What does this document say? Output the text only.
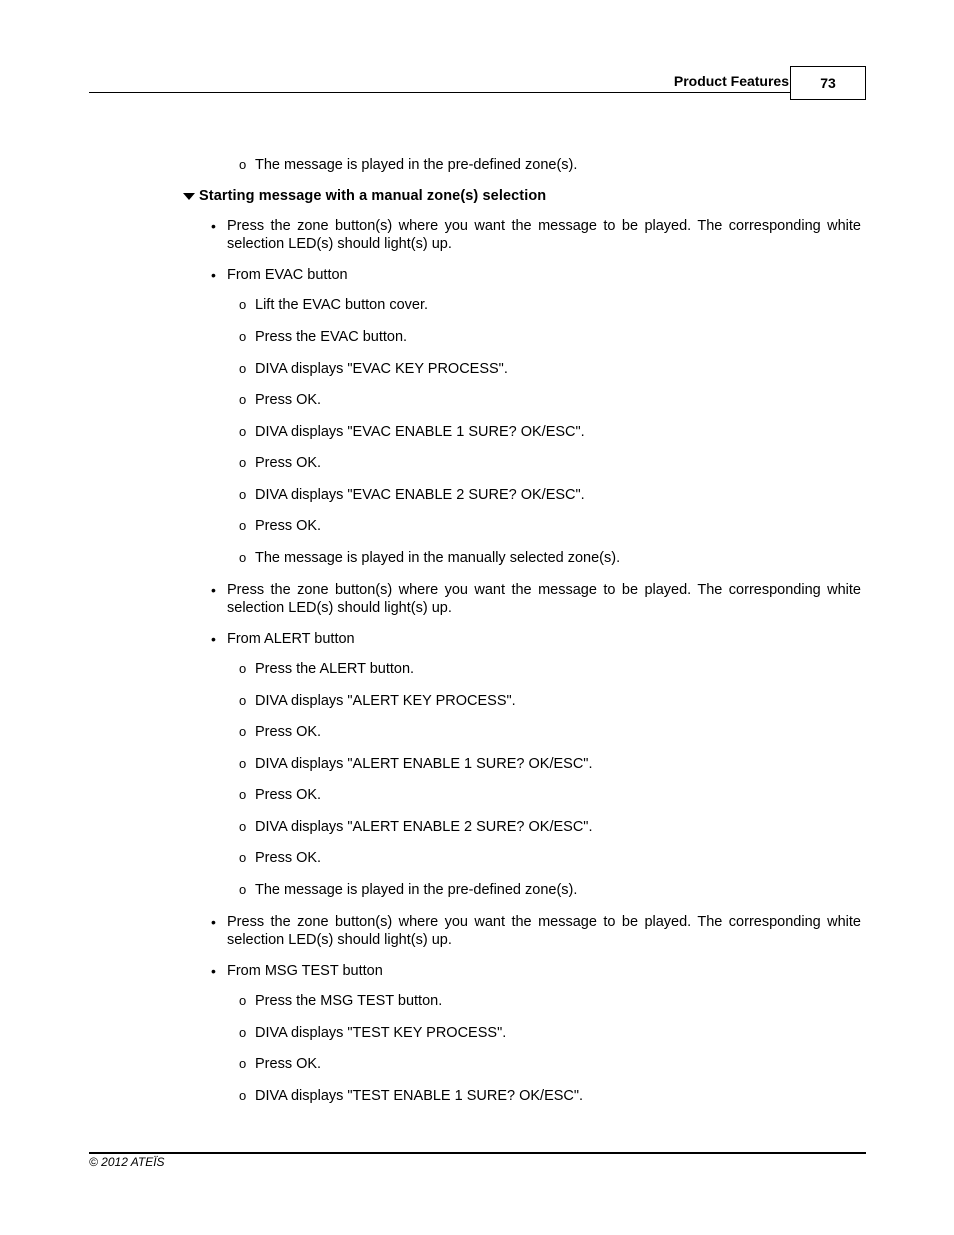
Product Features	73
o The message is played in the pre-defined zone(s).
Starting message with a manual zone(s) selection
• Press the zone button(s) where you want the message to be played. The corresponding white selection LED(s) should light(s) up.
• From EVAC button
o Lift the EVAC button cover.
o Press the EVAC button.
o DIVA displays "EVAC KEY PROCESS".
o Press OK.
o DIVA displays "EVAC ENABLE 1 SURE? OK/ESC".
o Press OK.
o DIVA displays "EVAC ENABLE 2 SURE? OK/ESC".
o Press OK.
o The message is played in the manually selected zone(s).
• Press the zone button(s) where you want the message to be played. The corresponding white selection LED(s) should light(s) up.
• From ALERT button
o Press the ALERT button.
o DIVA displays "ALERT KEY PROCESS".
o Press OK.
o DIVA displays "ALERT ENABLE 1 SURE? OK/ESC".
o Press OK.
o DIVA displays "ALERT ENABLE 2 SURE? OK/ESC".
o Press OK.
o The message is played in the pre-defined zone(s).
• Press the zone button(s) where you want the message to be played. The corresponding white selection LED(s) should light(s) up.
• From MSG TEST button
o Press the MSG TEST button.
o DIVA displays "TEST KEY PROCESS".
o Press OK.
o DIVA displays "TEST ENABLE 1 SURE? OK/ESC".
© 2012 ATEÏS
